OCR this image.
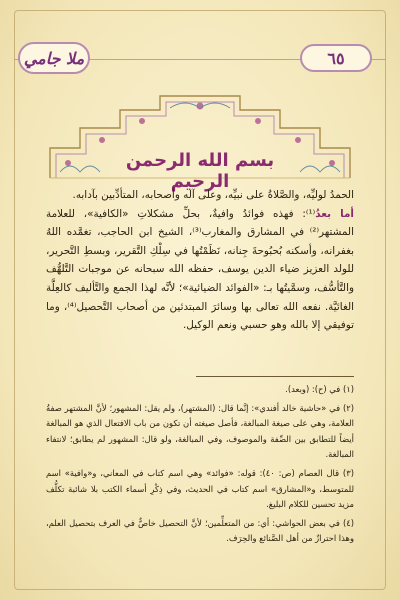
ملا جامي	٦٥
بسم الله الرحمن الرحيم

الحمدُ لوليِّه، والصَّلاةُ على نبيِّه، وعلى آله وأصحابه، المتأدِّبين بآدابه.

أما بعدُ⁽¹⁾: فهذه فوائدُ وافيةٌ، بحلِّ مشكلاتِ «الكافية»، للعلامة المشتهر⁽²⁾ في المشارق والمغارب⁽³⁾، الشيخ ابن الحاجب، تغمَّده اللهُ بغفرانه، وأسكنه بُحبُوحةَ جِنانه، نَظَمْتُها في سِلْكِ التَّقرير، وبسطِ التَّحرير، للولد العزيز ضياء الدين يوسف، حفظه الله سبحانه عن موجبات التَّلهُّف والتَّأسُّف، وسمَّيتُها بـ: «الفوائد الضيائية»؛ لأنَّه لهذا الجمع والتَّأليف كالعِلَّة الغائيَّة. نفعه الله تعالى بها وسائرَ المبتدئين من أصحاب التَّحصيل⁽⁴⁾، وما توفيقي إلا بالله وهو حسبي ونعم الوكيل.

(١) في (ح): (وبعد).

(٢) في «حاشية خالد أفندي»: إنَّما قال: (المشتهر)، ولم يقل: المشهور؛ لأنَّ المشتهر صفةُ العلامة، وهي على صيغة المبالغة، فأصل صيغته أن تكون من باب الافتعال الذي هو المبالغة أيضاً للتطابق بين الصِّفة والموصوف، وفي المبالغة، ولو قال: المشهور لم يطابق؛ لانتفاء المبالغة.

(٣) قال العصام (ص: ٤٠): قوله: «فوائد» وهي اسم كتاب في المعاني، و«وافية» اسم للمتوسط، و«المشارق» اسم كتاب في الحديث، وفي ذِكْرِ أسماء الكتب بلا شائبة تكلُّف مزيد تحسين للكلام البليغ.

(٤) في بعض الحواشي: أي: من المتعلِّمين؛ لأنَّ التحصيل خاصٌّ في العرف بتحصيل العلم، وهذا احترازٌ من أهل الصَّنائع والحِرَف.
